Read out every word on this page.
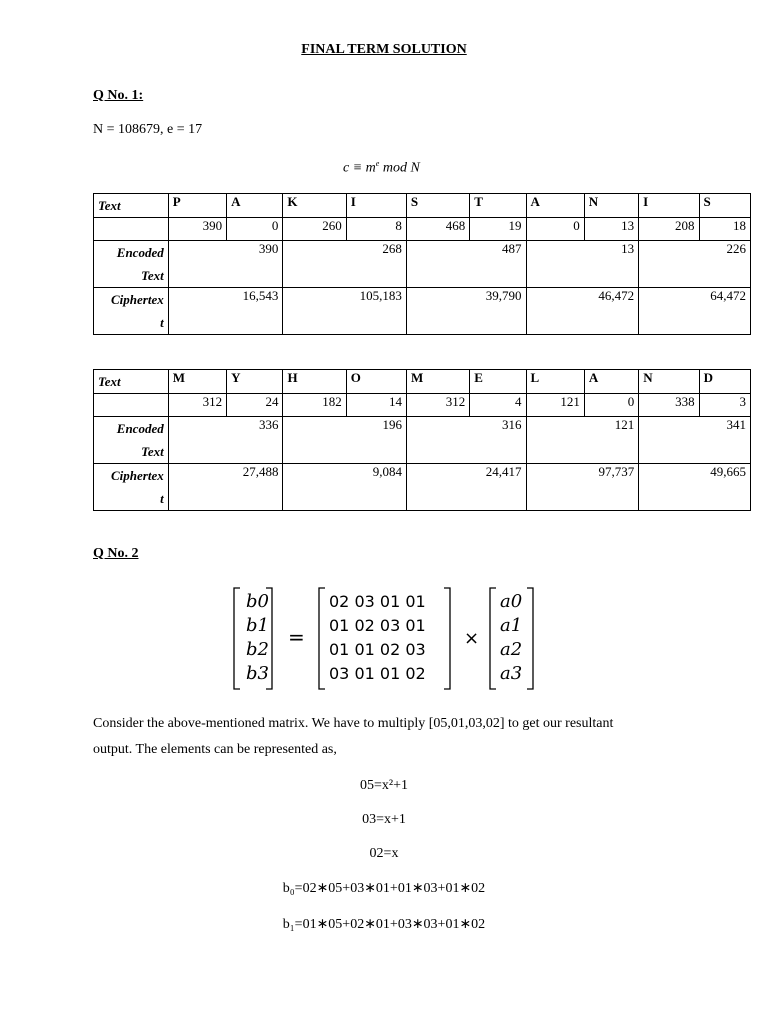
FINAL TERM SOLUTION
Q No. 1:
N = 108679, e = 17
$c \equiv m^e$ mod N
Text	P	A	K	I	S	T	A	N	I	S
	390	0	260	8	468	19	0	13	208	18
Encoded
Text	390		268		487		13		226	
Ciphertex
t	16,543		105,183		39,790		46,472		64,472	
Text	M	Y	H	O	M	E	L	A	N	D
	312	24	182	14	312	4	121	0	338	3
Encoded
Text	336		196		316		121		341	
Ciphertex
t	27,488		9,084		24,417		97,737		49,665	
Q No. 2
b0
b1
b2
b3
=
02 03 01 01
01 02 03 01
01 01 02 03
03 01 01 02
×
a0
a1
a2
a3
Consider the above-mentioned matrix. We have to multiply [05,01,03,02] to get our resultant
output. The elements can be represented as,
05=x²+1
03=x+1
02=x
b₀=02∗05+03∗01+01∗03+01∗02
b₁=01∗05+02∗01+03∗03+01∗02
